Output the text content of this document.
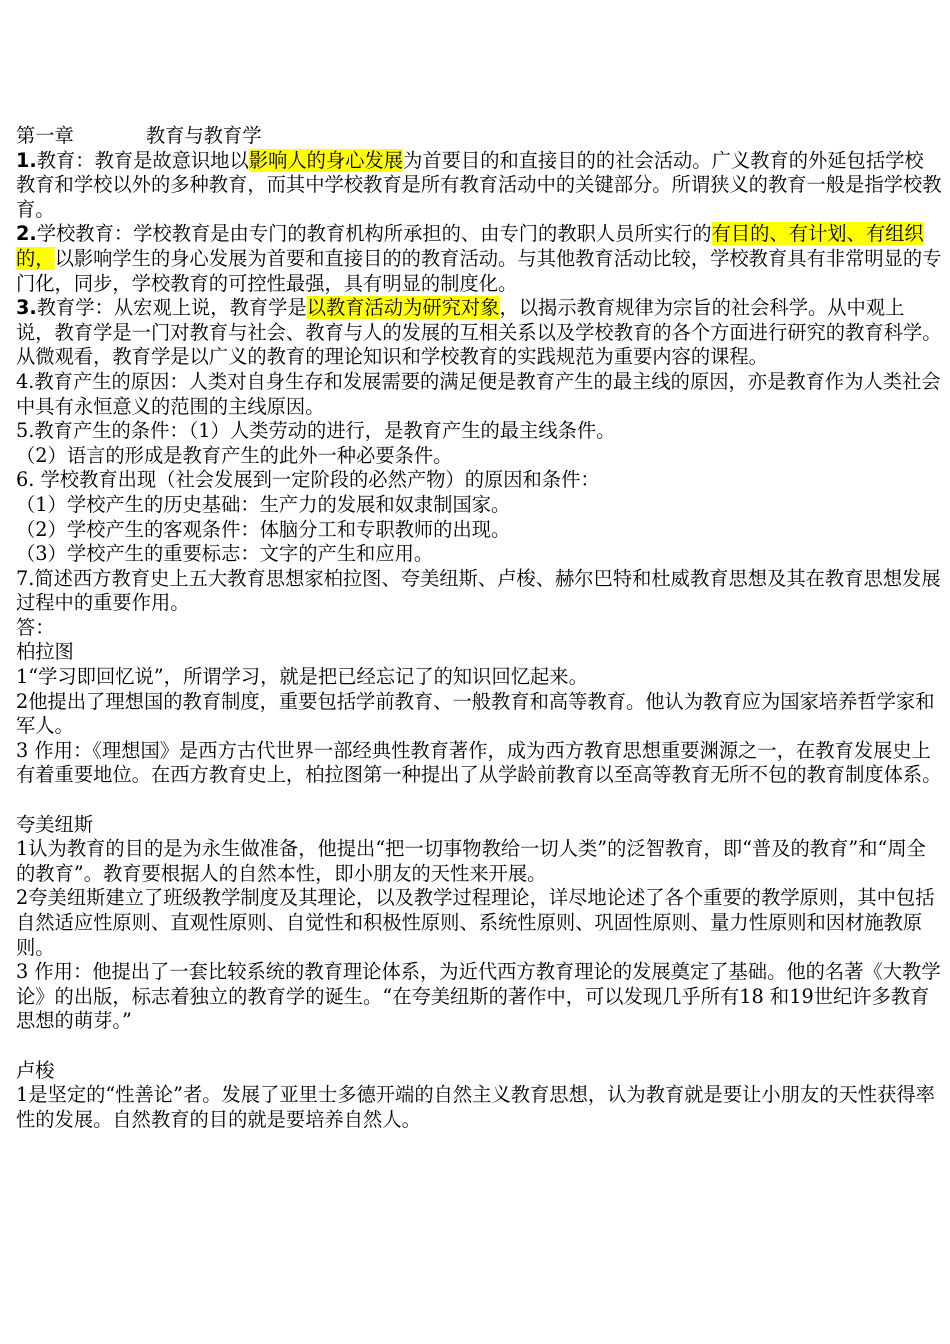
第一章	教育与教育学

1.教育：教育是故意识地以影响人的身心发展为首要目的和直接目的的社会活动。广义教育的外延包括学校教育和学校以外的多种教育，而其中学校教育是所有教育活动中的关键部分。所谓狭义的教育一般是指学校教育。

2.学校教育：学校教育是由专门的教育机构所承担的、由专门的教职人员所实行的有目的、有计划、有组织的，以影响学生的身心发展为首要和直接目的的教育活动。与其他教育活动比较，学校教育具有非常明显的专门化，同步，学校教育的可控性最强，具有明显的制度化。

3.教育学：从宏观上说，教育学是以教育活动为研究对象，以揭示教育规律为宗旨的社会科学。从中观上说，教育学是一门对教育与社会、教育与人的发展的互相关系以及学校教育的各个方面进行研究的教育科学。从微观看，教育学是以广义的教育的理论知识和学校教育的实践规范为重要内容的课程。

4.教育产生的原因：人类对自身生存和发展需要的满足便是教育产生的最主线的原因，亦是教育作为人类社会中具有永恒意义的范围的主线原因。

5.教育产生的条件：（1）人类劳动的进行，是教育产生的最主线条件。

（2）语言的形成是教育产生的此外一种必要条件。

6. 学校教育出现（社会发展到一定阶段的必然产物）的原因和条件：

（1）学校产生的历史基础：生产力的发展和奴隶制国家。

（2）学校产生的客观条件：体脑分工和专职教师的出现。

（3）学校产生的重要标志：文字的产生和应用。

7.简述西方教育史上五大教育思想家柏拉图、夸美纽斯、卢梭、赫尔巴特和杜威教育思想及其在教育思想发展过程中的重要作用。

答：

柏拉图

1“学习即回忆说”，所谓学习，就是把已经忘记了的知识回忆起来。

2他提出了理想国的教育制度，重要包括学前教育、一般教育和高等教育。他认为教育应为国家培养哲学家和军人。

3 作用：《理想国》是西方古代世界一部经典性教育著作，成为西方教育思想重要渊源之一，在教育发展史上有着重要地位。在西方教育史上，柏拉图第一种提出了从学龄前教育以至高等教育无所不包的教育制度体系。

夸美纽斯

1认为教育的目的是为永生做准备，他提出“把一切事物教给一切人类”的泛智教育，即“普及的教育”和“周全的教育”。教育要根据人的自然本性，即小朋友的天性来开展。

2夸美纽斯建立了班级教学制度及其理论，以及教学过程理论，详尽地论述了各个重要的教学原则，其中包括自然适应性原则、直观性原则、自觉性和积极性原则、系统性原则、巩固性原则、量力性原则和因材施教原则。

3 作用：他提出了一套比较系统的教育理论体系，为近代西方教育理论的发展奠定了基础。他的名著《大教学论》的出版，标志着独立的教育学的诞生。“在夸美纽斯的著作中，可以发现几乎所有18 和19世纪许多教育思想的萌芽。”

卢梭

1是坚定的“性善论”者。发展了亚里士多德开端的自然主义教育思想，认为教育就是要让小朋友的天性获得率性的发展。自然教育的目的就是要培养自然人。
